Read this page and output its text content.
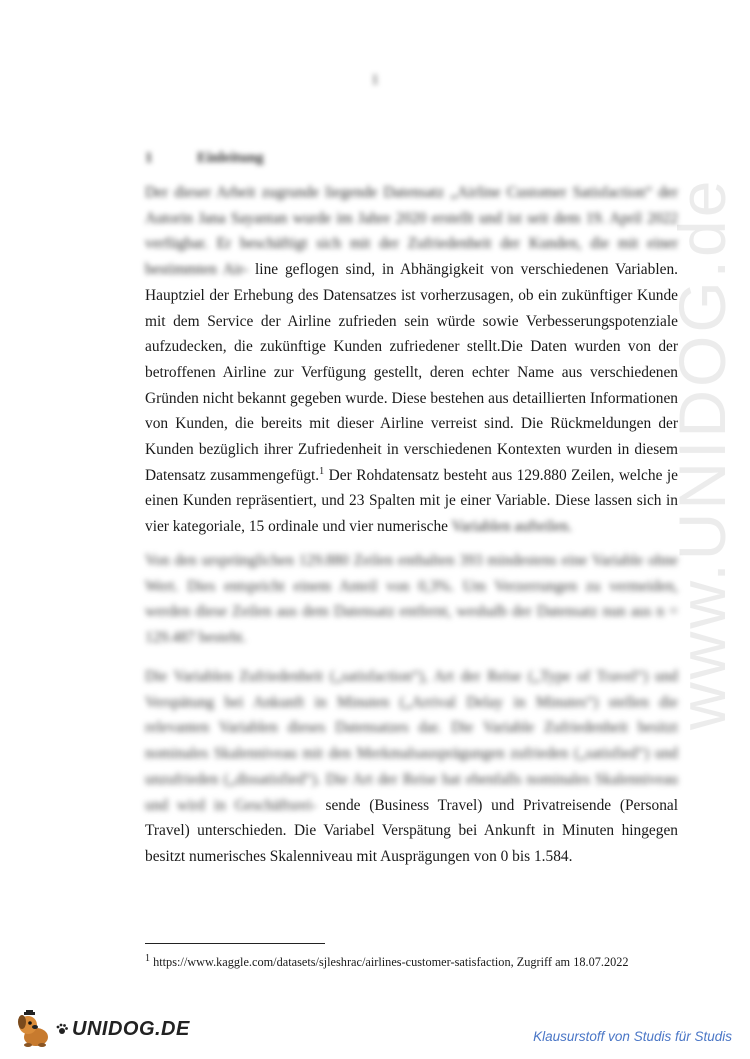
www.UNIDOG.de
1
1	Einleitung
Der dieser Arbeit zugrunde liegende Datensatz „Airline Customer Satisfaction“ der Autorin Jana Sayantan wurde im Jahre 2020 erstellt und ist seit dem 19. April 2022 verfügbar. Er beschäftigt sich mit der Zufriedenheit der Kunden, die mit einer bestimmten Air- line geflogen sind, in Abhängigkeit von verschiedenen Variablen. Hauptziel der Erhebung des Datensatzes ist vorherzusagen, ob ein zukünftiger Kunde mit dem Service der Airline zufrieden sein würde sowie Verbesserungspotenziale aufzudecken, die zukünftige Kunden zufriedener stellt.Die Daten wurden von der betroffenen Airline zur Verfügung gestellt, deren echter Name aus verschiedenen Gründen nicht bekannt gegeben wurde. Diese bestehen aus detaillierten Informationen von Kunden, die bereits mit dieser Airline verreist sind. Die Rückmeldungen der Kunden bezüglich ihrer Zufriedenheit in verschiedenen Kontexten wurden in diesem Datensatz zusammengefügt.$^1$ Der Rohdatensatz besteht aus 129.880 Zeilen, welche je einen Kunden repräsentiert, und 23 Spalten mit je einer Variable. Diese lassen sich in vier kategoriale, 15 ordinale und vier numerische Variablen aufteilen.
Von den ursprünglichen 129.880 Zeilen enthalten 393 mindestens eine Variable ohne Wert. Dies entspricht einem Anteil von 0,3%. Um Verzerrungen zu vermeiden, werden diese Zeilen aus dem Datensatz entfernt, weshalb der Datensatz nun aus n = 129.487 besteht.
Die Variablen Zufriedenheit („satisfaction“), Art der Reise („Type of Travel“) und Verspätung bei Ankunft in Minuten („Arrival Delay in Minutes“) stellen die relevanten Variablen dieses Datensatzes dar. Die Variable Zufriedenheit besitzt nominales Skalenniveau mit den Merkmalsausprägungen zufrieden („satisfied“) und unzufrieden („dissatisfied“). Die Art der Reise hat ebenfalls nominales Skalenniveau und wird in Geschäftsrei- sende (Business Travel) und Privatreisende (Personal Travel) unterschieden. Die Variabel Verspätung bei Ankunft in Minuten hingegen besitzt numerisches Skalenniveau mit Ausprägungen von 0 bis 1.584.
$^1$ https://www.kaggle.com/datasets/sjleshrac/airlines-customer-satisfaction, Zugriff am 18.07.2022
UNIDOG.DE	Klausurstoff von Studis für Studis
